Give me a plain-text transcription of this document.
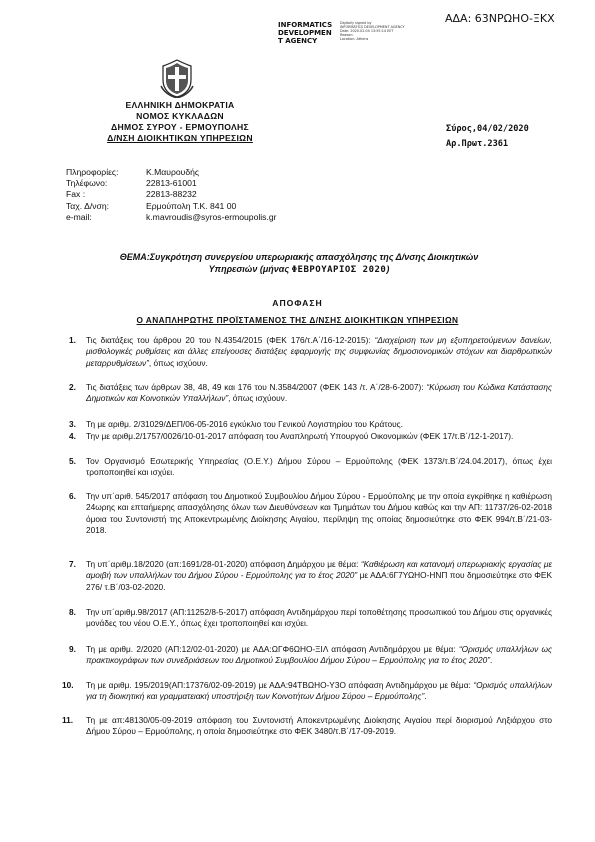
ΑΔΑ: 63ΝΡΩΗΟ-ΞΚΧ
INFORMATICS
DEVELOPMEN
T AGENCY
Digitally signed by
INFORMATICS DEVELOPMENT AGENCY
Date: 2020.02.04 13:55:14 EET
Reason:
Location: Athens
ΕΛΛΗΝΙΚΗ ΔΗΜΟΚΡΑΤΙΑ
ΝΟΜΟΣ ΚΥΚΛΑΔΩΝ
ΔΗΜΟΣ ΣΥΡΟΥ - ΕΡΜΟΥΠΟΛΗΣ
Δ/ΝΣΗ ΔΙΟΙΚΗΤΙΚΩΝ ΥΠΗΡΕΣΙΩΝ
Σύρος,04/02/2020
Αρ.Πρωτ.2361
Πληροφορίες:	Κ.Μαυρουδής
Τηλέφωνο:	22813-61001
Fax :	22813-88232
Ταχ. Δ/νση:	Ερμούπολη Τ.Κ. 841 00
e-mail:	k.mavroudis@syros-ermoupolis.gr
ΘΕΜΑ:Συγκρότηση συνεργείου υπερωριακής απασχόλησης της Δ/νσης Διοικητικών
Υπηρεσιών (μήνας ΦΕΒΡΟΥΑΡΙΟΣ 2020)
ΑΠΟΦΑΣΗ
Ο ΑΝΑΠΛΗΡΩΤΗΣ ΠΡΟΪΣΤΑΜΕΝΟΣ ΤΗΣ Δ/ΝΣΗΣ ΔΙΟΙΚΗΤΙΚΩΝ ΥΠΗΡΕΣΙΩΝ
1. Τις διατάξεις του άρθρου 20 του Ν.4354/2015 (ΦΕΚ 176/τ.Α΄/16-12-2015): “Διαχείριση των μη εξυπηρετούμενων δανείων, μισθολογικές ρυθμίσεις και άλλες επείγουσες διατάξεις εφαρμογής της συμφωνίας δημοσιονομικών στόχων και διαρθρωτικών μεταρρυθμίσεων”, όπως ισχύουν.
2. Τις διατάξεις των άρθρων 38, 48, 49 και 176 του Ν.3584/2007 (ΦΕΚ 143 /τ. Α΄/28-6-2007): “Κύρωση του Κώδικα Κατάστασης Δημοτικών και Κοινοτικών Υπαλλήλων”, όπως ισχύουν.
3. Τη με αριθμ. 2/31029/ΔΕΠ/06-05-2016 εγκύκλιο του Γενικού Λογιστηρίου του Κράτους.
4. Την με αριθμ.2/1757/0026/10-01-2017 απόφαση του Αναπληρωτή Υπουργού Οικονομικών (ΦΕΚ 17/τ.Β΄/12-1-2017).
5. Τον Οργανισμό Εσωτερικής Υπηρεσίας (Ο.Ε.Υ.) Δήμου Σύρου – Ερμούπολης (ΦΕΚ 1373/τ.Β΄/24.04.2017), όπως έχει τροποποιηθεί και ισχύει.
6. Την υπ΄αριθ. 545/2017 απόφαση του Δημοτικού Συμβουλίου Δήμου Σύρου - Ερμούπολης με την οποία εγκρίθηκε η καθιέρωση 24ωρης και επταήμερης απασχόλησης όλων των Διευθύνσεων και Τμημάτων του Δήμου καθώς και την ΑΠ: 11737/26-02-2018 όμοια του Συντονιστή της Αποκεντρωμένης Διοίκησης Αιγαίου, περίληψη της οποίας δημοσιεύτηκε στο ΦΕΚ 994/τ.Β΄/21-03-2018.
7. Τη υπ΄αριθμ.18/2020 (απ:1691/28-01-2020) απόφαση Δημάρχου με θέμα: “Καθιέρωση και κατανομή υπερωριακής εργασίας με αμοιβή των υπαλλήλων του Δήμου Σύρου - Ερμούπολης για το έτος 2020” με ΑΔΑ:6Γ7ΥΩΗΟ-ΗΝΠ που δημοσιεύτηκε στο ΦΕΚ 276/ τ.Β΄/03-02-2020.
8. Την υπ΄αριθμ.98/2017 (ΑΠ:11252/8-5-2017) απόφαση Αντιδημάρχου περί τοποθέτησης προσωπικού του Δήμου στις οργανικές μονάδες του νέου Ο.Ε.Υ., όπως έχει τροποποιηθεί και ισχύει.
9. Τη με αριθμ. 2/2020 (ΑΠ:12/02-01-2020) με ΑΔΑ:ΩΓΦ6ΩΗΟ-ΞΙΛ απόφαση Αντιδημάρχου με θέμα: “Ορισμός υπαλλήλων ως πρακτικογράφων των συνεδριάσεων του Δημοτικού Συμβουλίου Δήμου Σύρου – Ερμούπολης για το έτος 2020”.
10. Τη με αριθμ. 195/2019(ΑΠ:17376/02-09-2019) με ΑΔΑ:94ΤΒΩΗΟ-Υ3Ο απόφαση Αντιδημάρχου με θέμα: “Ορισμός υπαλλήλων για τη διοικητική και γραμματειακή υποστήριξη των Κοινοτήτων Δήμου Σύρου – Ερμούπολης”.
11. Τη με απ:48130/05-09-2019 απόφαση του Συντονιστή Αποκεντρωμένης Διοίκησης Αιγαίου περί διορισμού Ληξιάρχου στο Δήμου Σύρου – Ερμούπολης, η οποία δημοσιεύτηκε στο ΦΕΚ 3480/τ.Β΄/17-09-2019.
